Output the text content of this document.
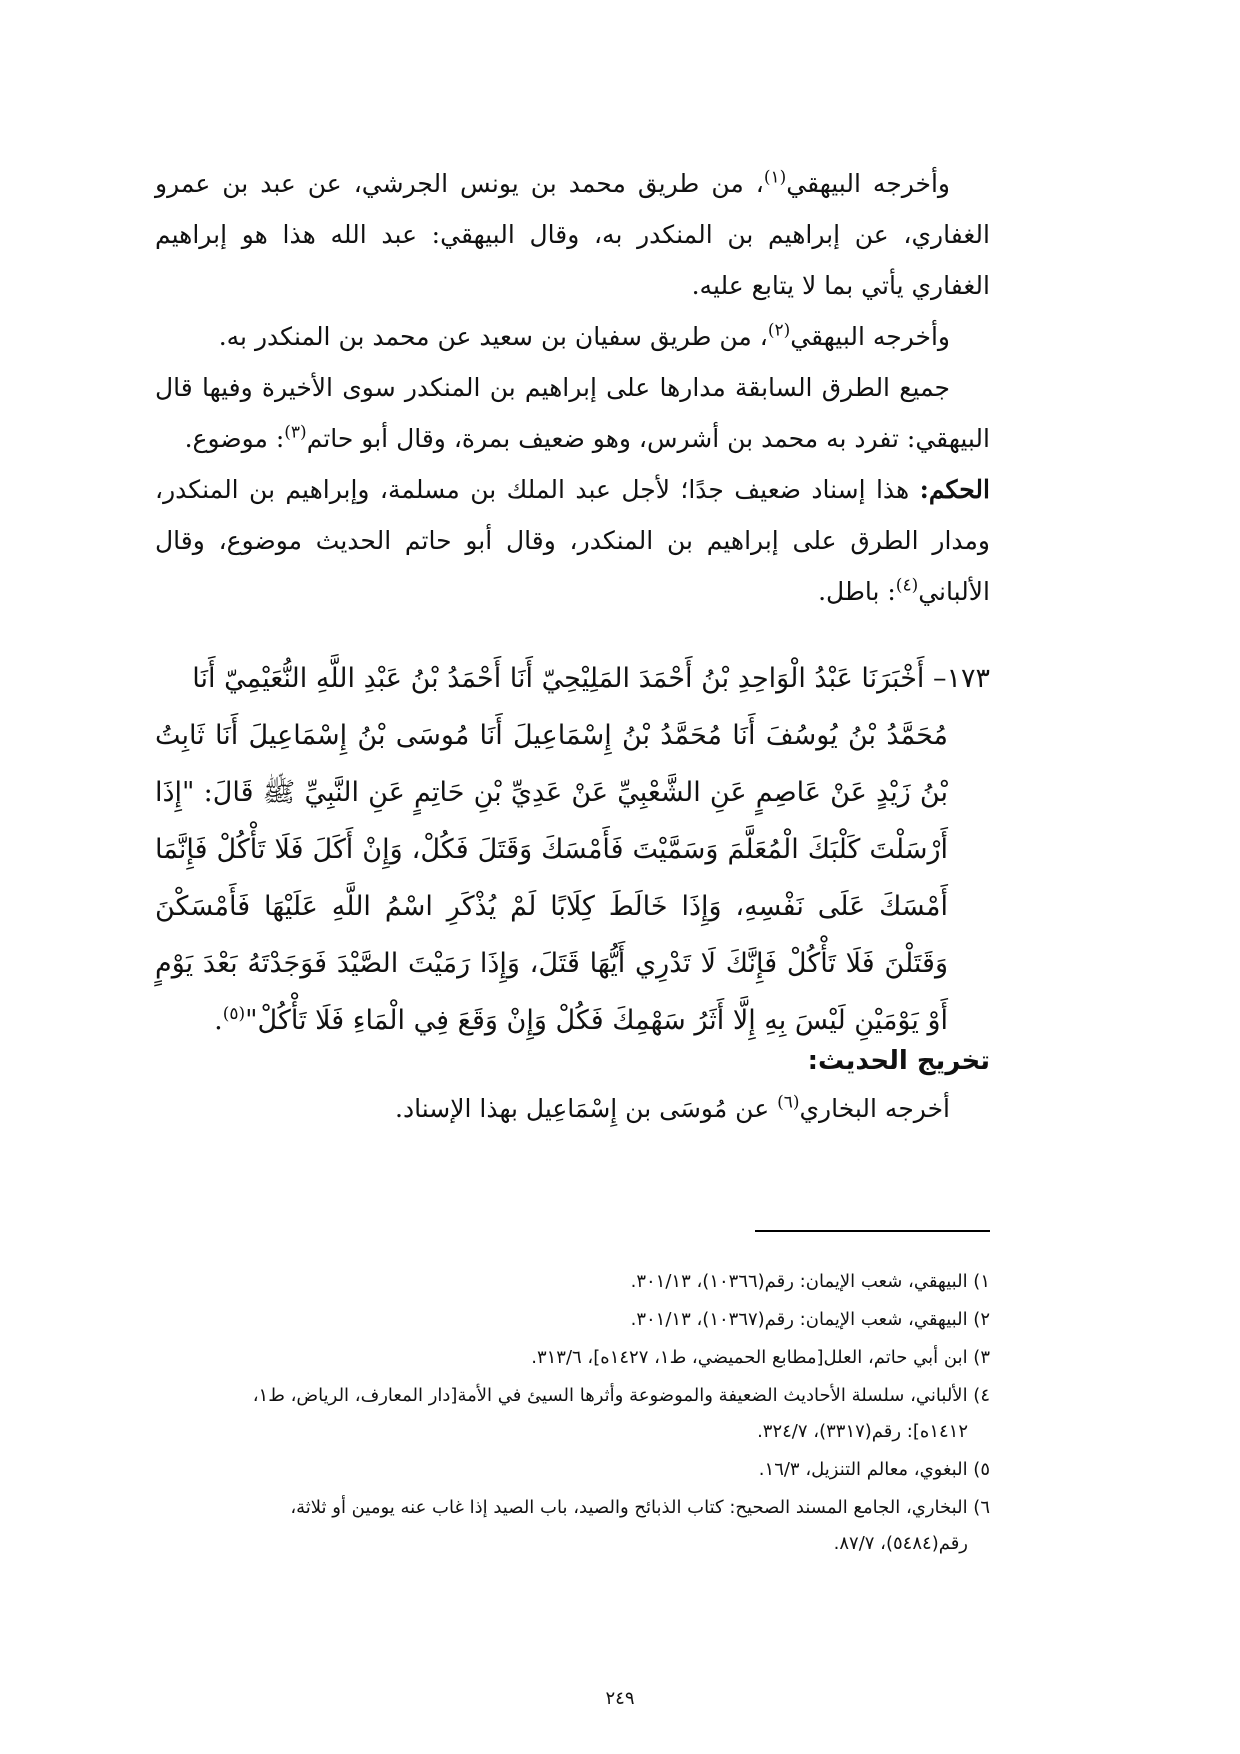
وأخرجه البيهقي$^{(١)}$، من طريق محمد بن يونس الجرشي، عن عبد بن عمرو الغفاري، عن إبراهيم بن المنكدر به، وقال البيهقي: عبد الله هذا هو إبراهيم الغفاري يأتي بما لا يتابع عليه.

وأخرجه البيهقي$^{(٢)}$، من طريق سفيان بن سعيد عن محمد بن المنكدر به.

جميع الطرق السابقة مدارها على إبراهيم بن المنكدر سوى الأخيرة وفيها قال البيهقي: تفرد به محمد بن أشرس، وهو ضعيف بمرة، وقال أبو حاتم$^{(٣)}$: موضوع.

الحكم: هذا إسناد ضعيف جدًا؛ لأجل عبد الملك بن مسلمة، وإبراهيم بن المنكدر، ومدار الطرق على إبراهيم بن المنكدر، وقال أبو حاتم الحديث موضوع، وقال الألباني$^{(٤)}$: باطل.

١٧٣– أَخْبَرَنَا عَبْدُ الْوَاحِدِ بْنُ أَحْمَدَ المَلِيْحِيّ أَنَا أَحْمَدُ بْنُ عَبْدِ اللَّهِ النُّعَيْمِيّ أَنَا

مُحَمَّدُ بْنُ يُوسُفَ أَنَا مُحَمَّدُ بْنُ إِسْمَاعِيلَ أَنَا مُوسَى بْنُ إِسْمَاعِيلَ أَنَا ثَابِتُ بْنُ زَيْدٍ عَنْ عَاصِمٍ عَنِ الشَّعْبِيِّ عَنْ عَدِيِّ بْنِ حَاتِمٍ عَنِ النَّبِيِّ ﷺ قَالَ: "إِذَا أَرْسَلْتَ كَلْبَكَ الْمُعَلَّمَ وَسَمَّيْتَ فَأَمْسَكَ وَقَتَلَ فَكُلْ، وَإِنْ أَكَلَ فَلَا تَأْكُلْ فَإِنَّمَا أَمْسَكَ عَلَى نَفْسِهِ، وَإِذَا خَالَطَ كِلَابًا لَمْ يُذْكَرِ اسْمُ اللَّهِ عَلَيْهَا فَأَمْسَكْنَ وَقَتَلْنَ فَلَا تَأْكُلْ فَإِنَّكَ لَا تَدْرِي أَيُّهَا قَتَلَ، وَإِذَا رَمَيْتَ الصَّيْدَ فَوَجَدْتَهُ بَعْدَ يَوْمٍ أَوْ يَوْمَيْنِ لَيْسَ بِهِ إِلَّا أَثَرُ سَهْمِكَ فَكُلْ وَإِنْ وَقَعَ فِي الْمَاءِ فَلَا تَأْكُلْ"$^{(٥)}$.

تخريج الحديث:
أخرجه البخاري$^{(٦)}$ عن مُوسَى بن إِسْمَاعِيل بهذا الإسناد.
١) البيهقي، شعب الإيمان: رقم(١٠٣٦٦)، ٣٠١/١٣.
٢) البيهقي، شعب الإيمان: رقم(١٠٣٦٧)، ٣٠١/١٣.
٣) ابن أبي حاتم، العلل[مطابع الحميضي، ط١، ١٤٢٧ه]، ٣١٣/٦.
٤) الألباني، سلسلة الأحاديث الضعيفة والموضوعة وأثرها السيئ في الأمة[دار المعارف، الرياض، ط١،
١٤١٢ه]: رقم(٣٣١٧)، ٣٢٤/٧.
٥) البغوي، معالم التنزيل، ١٦/٣.
٦) البخاري، الجامع المسند الصحيح: كتاب الذبائح والصيد، باب الصيد إذا غاب عنه يومين أو ثلاثة،
رقم(٥٤٨٤)، ٨٧/٧.
٢٤٩
